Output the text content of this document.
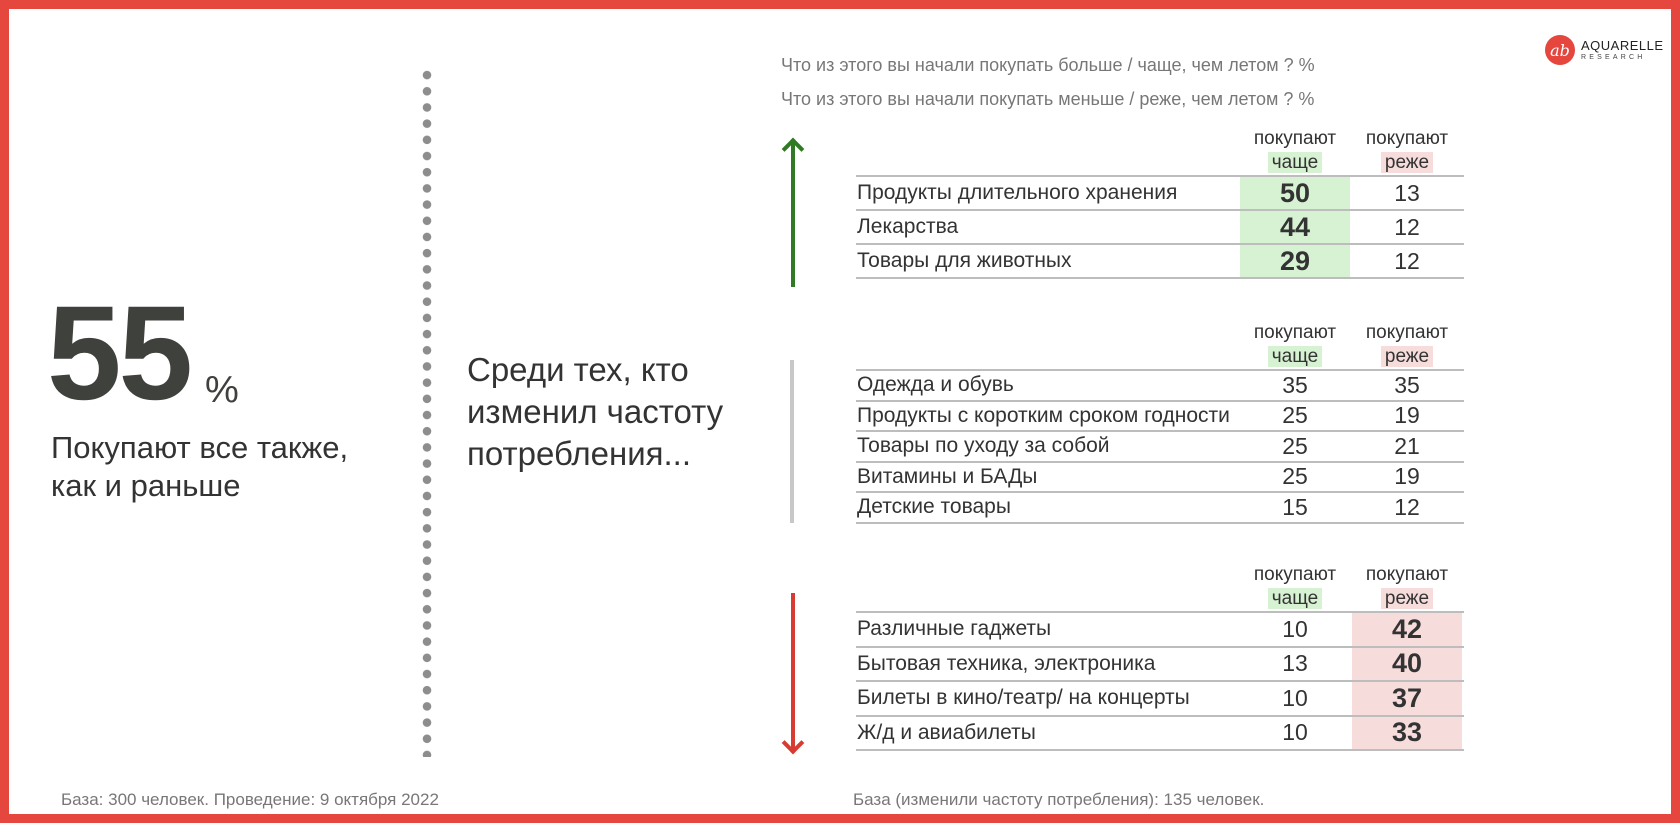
ab AQUARELLE
RESEARCH
55 %
Покупают все также,
как и раньше
Среди тех, кто
изменил частоту
потребления...
Что из этого вы начали покупать больше / чаще, чем летом ? %
Что из этого вы начали покупать меньше / реже, чем летом ? %
покупают
чаще
покупают
реже
Продукты длительного хранения	50	13
Лекарства	44	12
Товары для животных	29	12
покупают
чаще
покупают
реже
Одежда и обувь	35	35
Продукты с коротким сроком годности	25	19
Товары по уходу за собой	25	21
Витамины и БАДы	25	19
Детские товары	15	12
покупают
чаще
покупают
реже
Различные гаджеты	10	42
Бытовая техника, электроника	13	40
Билеты в кино/театр/ на концерты	10	37
Ж/д и авиабилеты	10	33
База: 300 человек. Проведение: 9 октября 2022	База (изменили частоту потребления): 135 человек.
